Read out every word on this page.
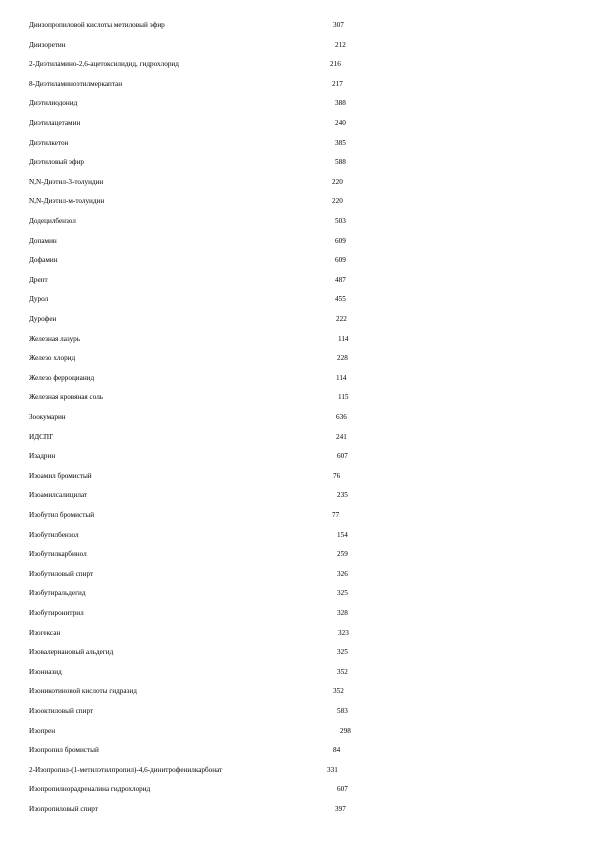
Диизопропиловой кислоты метиловый эфир	307
Диизоретин	212
2-Диэтиламино-2,6-ацетоксилидид, гидрохлорид	216
8-Диэтиламиноэтилмеркаптан	217
Диэтилиодонид	388
Диэтилацетамин	240
Диэтилкетон	385
Диэтиловый эфир	588
N,N-Диэтил-3-толуидин	220
N,N-Диэтил-м-толуидин	220
Додецилбензол	503
Допамин	609
Дофамин	609
Дрепт	487
Дурол	455
Дурофен	222
Железная лазурь	114
Железо хлорид	228
Железо ферроцианид	114
Железная кровяная соль	115
Зоокумарин	636
ИДСПГ	241
Изадрин	607
Изоамил бромистый	76
Изоамилсалицилат	235
Изобутил бромистый	77
Изобутилбензол	154
Изобутилкарбинол	259
Изобутиловый спирт	326
Изобутиральдегид	325
Изобутиронитрил	328
Изогексан	323
Изовалериановый альдегид	325
Изониазид	352
Изоникотиновой кислоты гидразид	352
Изооктиловый спирт	583
Изопрен	298
Изопропил бромистый	84
2-Изопропил-(1-метилэтилпропил)-4,6-динитрофенилкарбонат	331
Изопропилнорадреналина гидрохлорид	607
Изопропиловый спирт	397
